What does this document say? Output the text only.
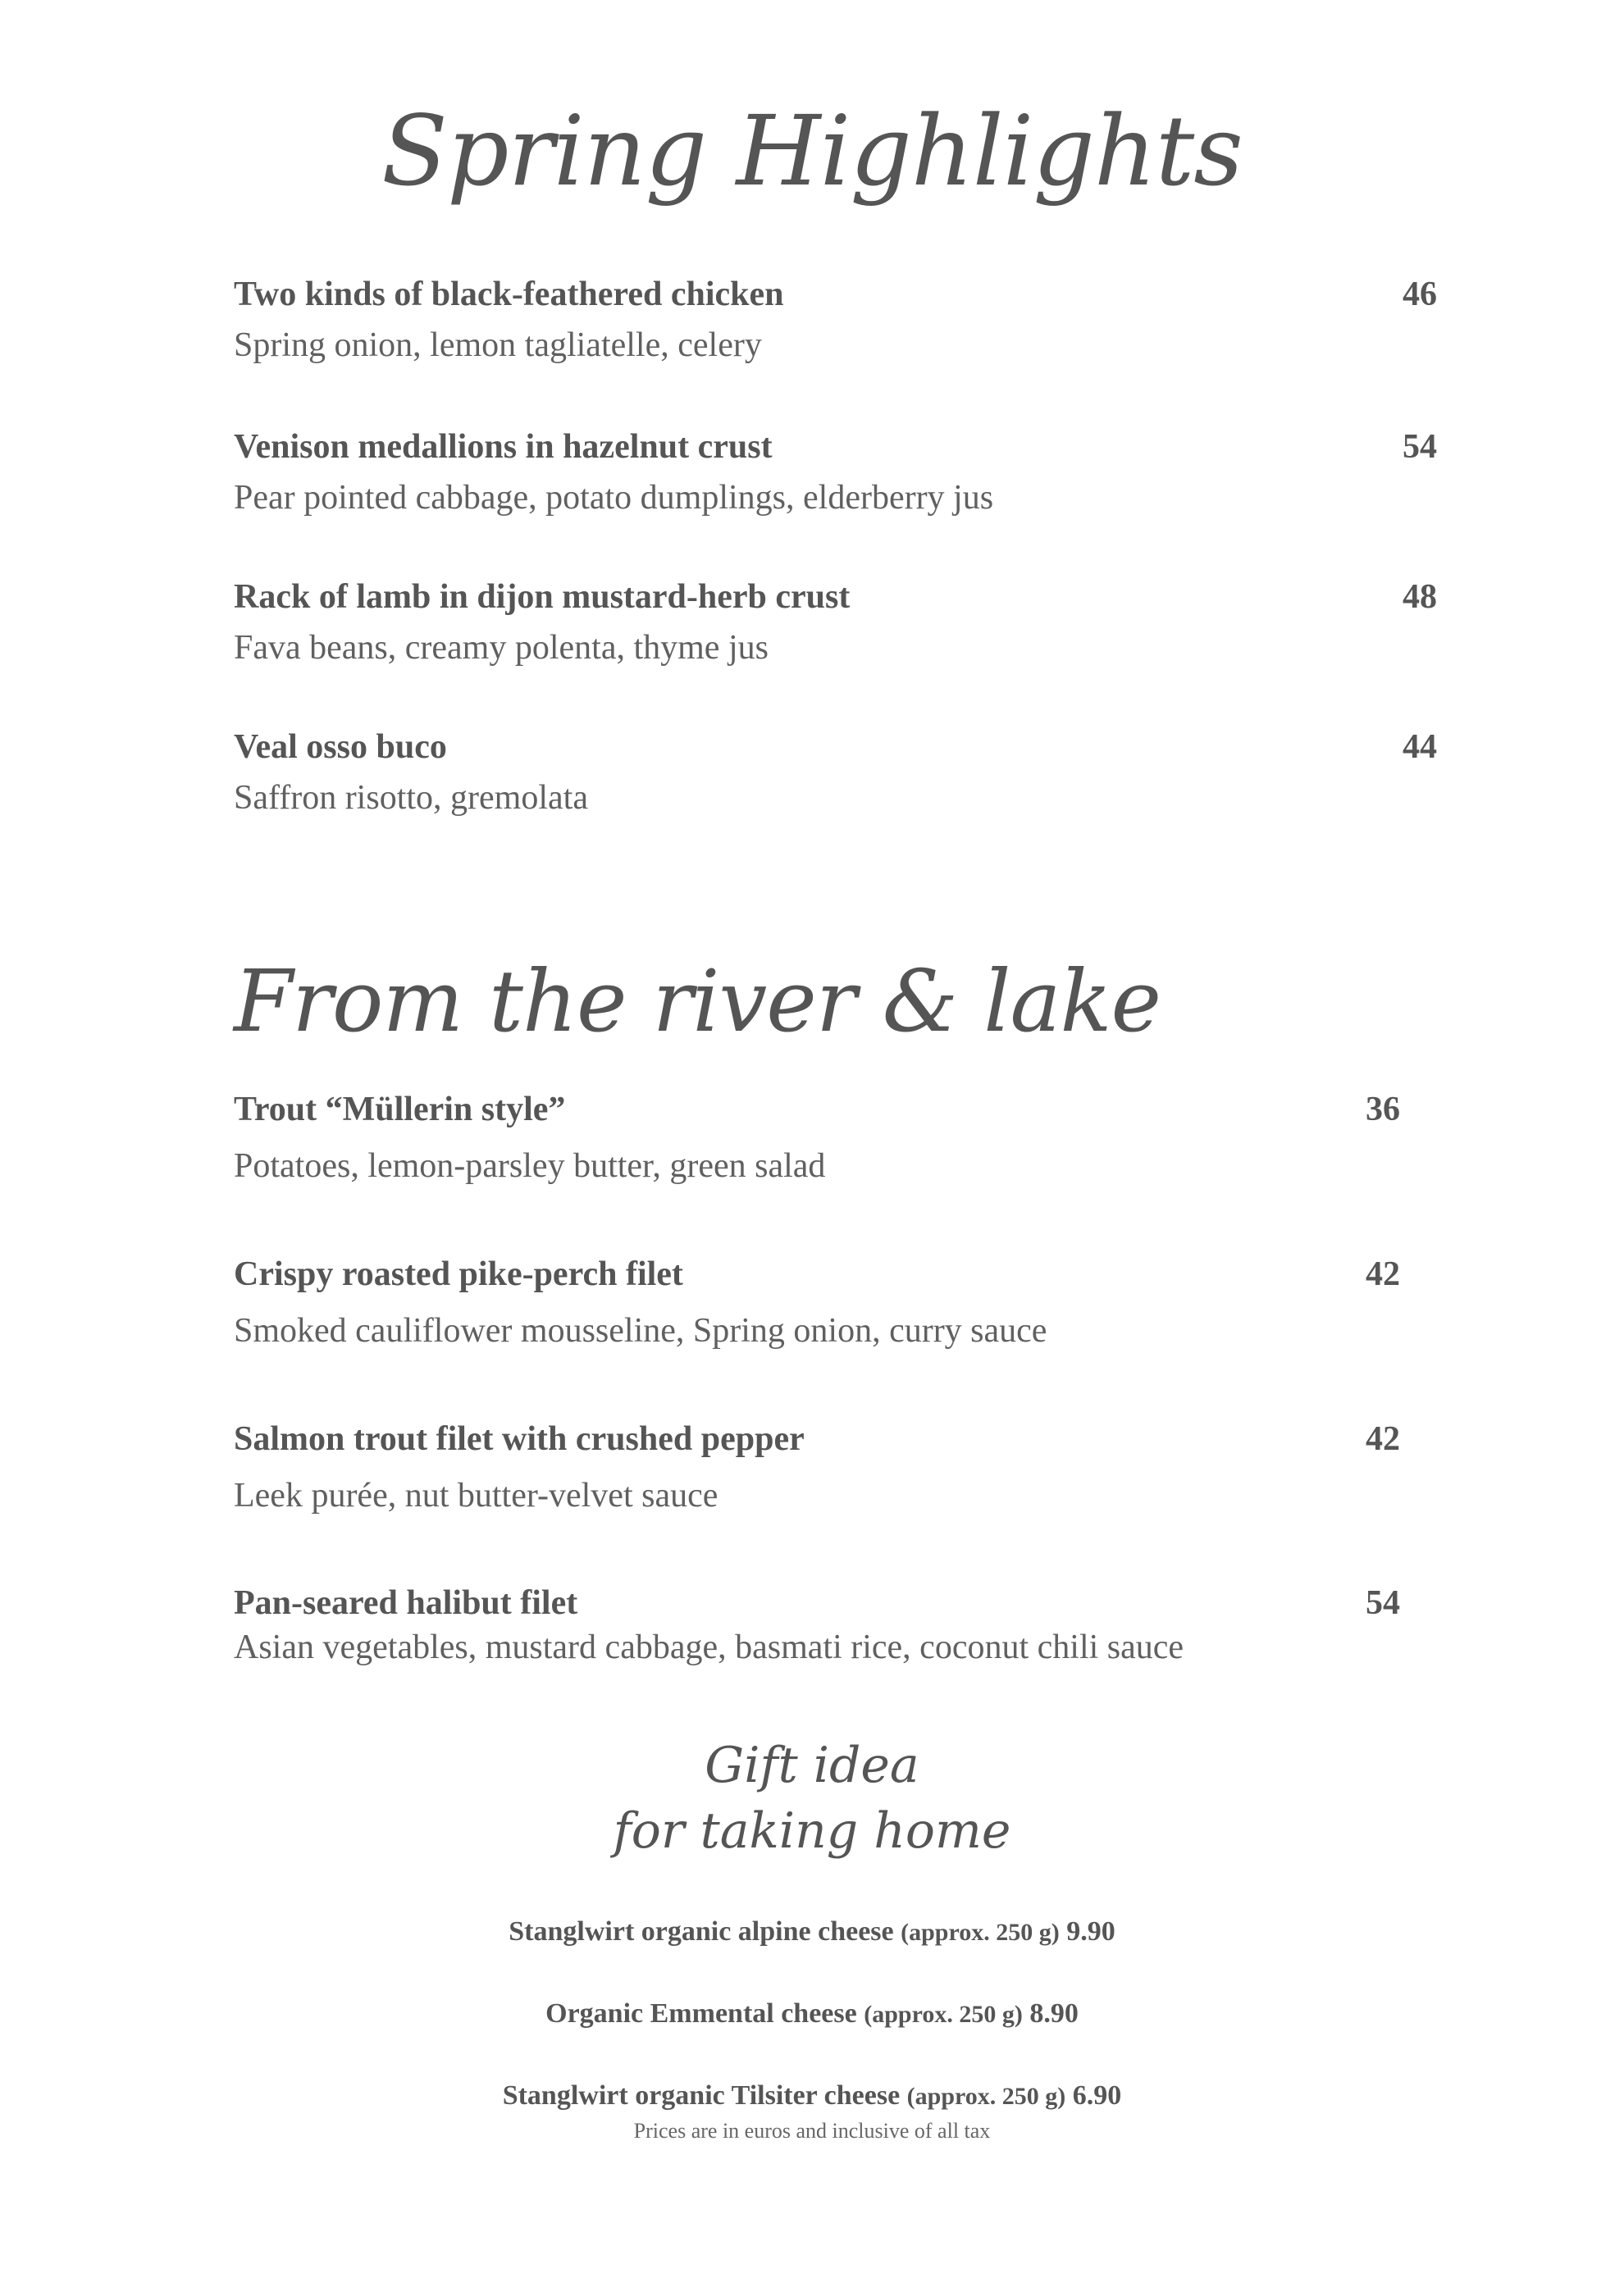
Spring Highlights
Two kinds of black-feathered chicken
Spring onion, lemon tagliatelle, celery
46
Venison medallions in hazelnut crust
Pear pointed cabbage, potato dumplings, elderberry jus
54
Rack of lamb in dijon mustard-herb crust
Fava beans, creamy polenta, thyme jus
48
Veal osso buco
Saffron risotto, gremolata
44
From the river & lake
Trout “Müllerin style”
Potatoes, lemon-parsley butter, green salad
36
Crispy roasted pike-perch filet
Smoked cauliflower mousseline, Spring onion, curry sauce
42
Salmon trout filet with crushed pepper
Leek purée, nut butter-velvet sauce
42
Pan-seared halibut filet
Asian vegetables, mustard cabbage, basmati rice, coconut chili sauce
54
Gift idea
for taking home
Stanglwirt organic alpine cheese (approx. 250 g) 9.90
Organic Emmental cheese (approx. 250 g) 8.90
Stanglwirt organic Tilsiter cheese (approx. 250 g) 6.90
Prices are in euros and inclusive of all tax
